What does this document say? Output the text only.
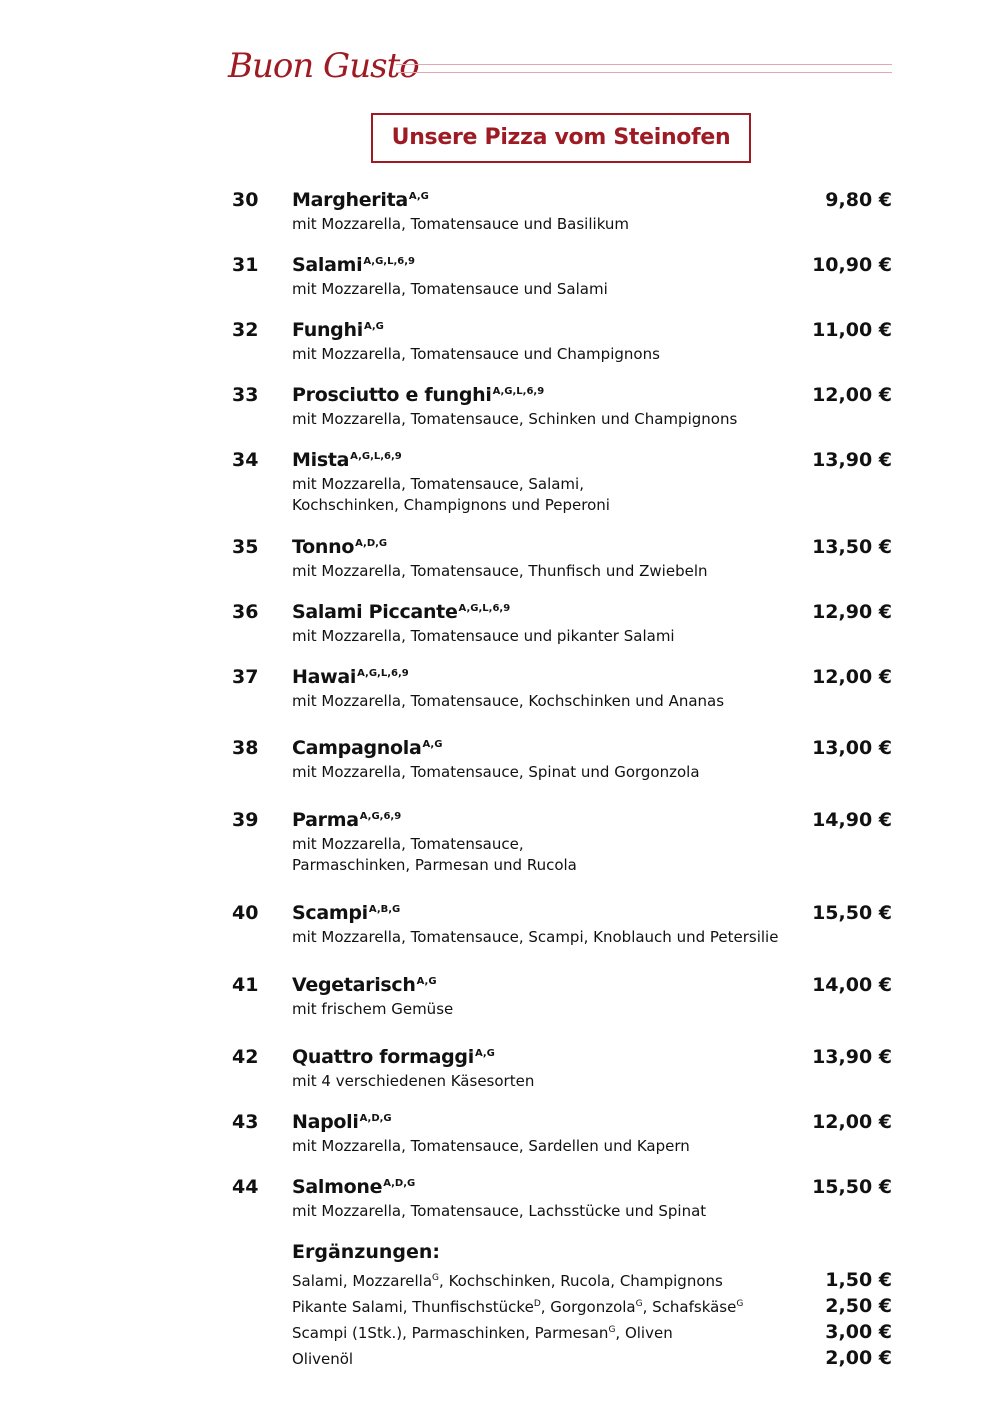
Buon Gusto
Unsere Pizza vom Steinofen
30 Margherita$^{A,G}$	9,80 €
mit Mozzarella, Tomatensauce und Basilikum
31 Salami$^{A,G,L,6,9}$	10,90 €
mit Mozzarella, Tomatensauce und Salami
32 Funghi$^{A,G}$	11,00 €
mit Mozzarella, Tomatensauce und Champignons
33 Prosciutto e funghi$^{A,G,L,6,9}$	12,00 €
mit Mozzarella, Tomatensauce, Schinken und Champignons
34 Mista$^{A,G,L,6,9}$	13,90 €
mit Mozzarella, Tomatensauce, Salami,
Kochschinken, Champignons und Peperoni
35 Tonno$^{A,D,G}$	13,50 €
mit Mozzarella, Tomatensauce, Thunfisch und Zwiebeln
36 Salami Piccante$^{A,G,L,6,9}$	12,90 €
mit Mozzarella, Tomatensauce und pikanter Salami
37 Hawai$^{A,G,L,6,9}$	12,00 €
mit Mozzarella, Tomatensauce, Kochschinken und Ananas
38 Campagnola$^{A,G}$	13,00 €
mit Mozzarella, Tomatensauce, Spinat und Gorgonzola
39 Parma$^{A,G,6,9}$	14,90 €
mit Mozzarella, Tomatensauce,
Parmaschinken, Parmesan und Rucola
40 Scampi$^{A,B,G}$	15,50 €
mit Mozzarella, Tomatensauce, Scampi, Knoblauch und Petersilie
41 Vegetarisch$^{A,G}$	14,00 €
mit frischem Gemüse
42 Quattro formaggi$^{A,G}$	13,90 €
mit 4 verschiedenen Käsesorten
43 Napoli$^{A,D,G}$	12,00 €
mit Mozzarella, Tomatensauce, Sardellen und Kapern
44 Salmone$^{A,D,G}$	15,50 €
mit Mozzarella, Tomatensauce, Lachsstücke und Spinat
Ergänzungen:
Salami, Mozzarella$^G$, Kochschinken, Rucola, Champignons	1,50 €
Pikante Salami, Thunfischstücke$^D$, Gorgonzola$^G$, Schafskäse$^G$	2,50 €
Scampi (1Stk.), Parmaschinken, Parmesan$^G$, Oliven	3,00 €
Olivenöl	2,00 €
